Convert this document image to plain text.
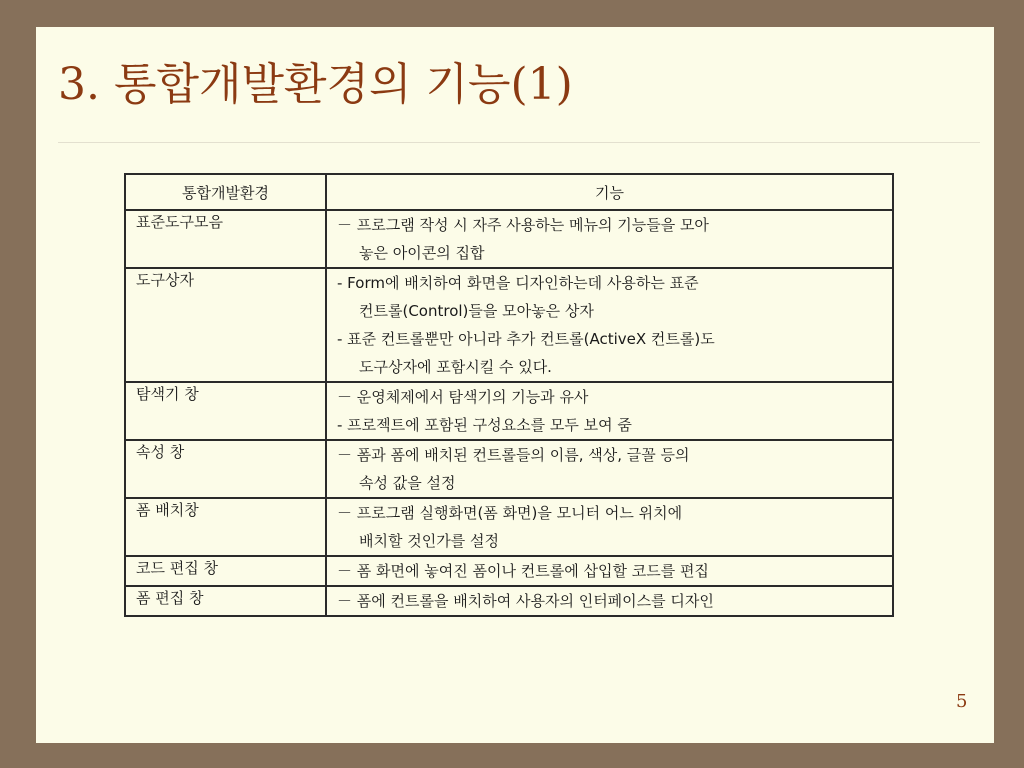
3. 통합개발환경의 기능(1)
통합개발환경	기능
표준도구모음	－ 프로그램 작성 시 자주 사용하는 메뉴의 기능들을 모아
놓은 아이콘의 집합

도구상자	- Form에 배치하여 화면을 디자인하는데 사용하는 표준
컨트롤(Control)들을 모아놓은 상자
- 표준 컨트롤뿐만 아니라 추가 컨트롤(ActiveX 컨트롤)도
도구상자에 포함시킬 수 있다.

탐색기 창	－ 운영체제에서 탐색기의 기능과 유사
- 프로젝트에 포함된 구성요소를 모두 보여 줌

속성 창	－ 폼과 폼에 배치된 컨트롤들의 이름, 색상, 글꼴 등의
속성 값을 설정

폼 배치창	－ 프로그램 실행화면(폼 화면)을 모니터 어느 위치에
배치할 것인가를 설정

코드 편집 창	－ 폼 화면에 놓여진 폼이나 컨트롤에 삽입할 코드를 편집

폼 편집 창	－ 폼에 컨트롤을 배치하여 사용자의 인터페이스를 디자인
5
